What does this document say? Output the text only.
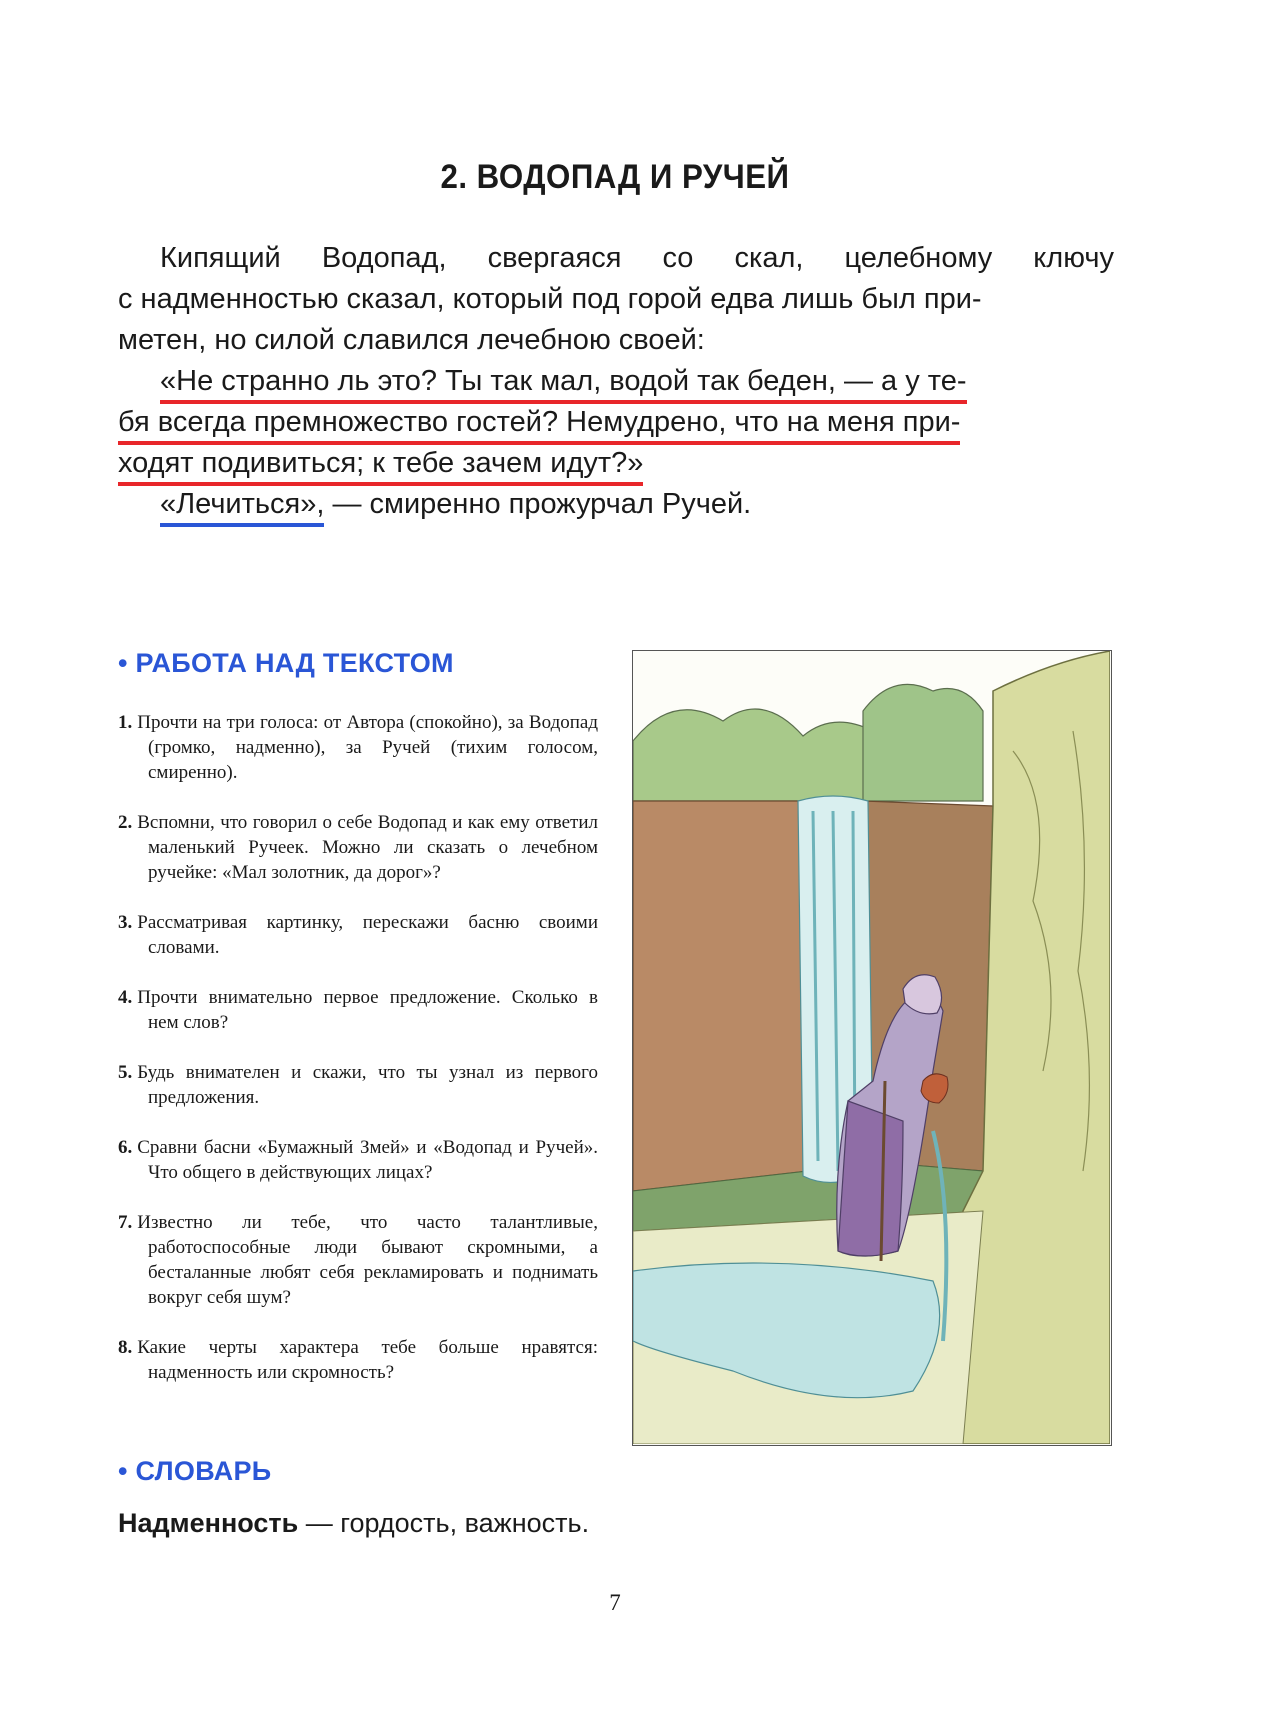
2. ВОДОПАД И РУЧЕЙ
Кипящий Водопад, свергаяся со скал, целебному ключу
с надменностью сказал, который под горой едва лишь был при-
метен, но силой славился лечебною своей:
«Не странно ль это? Ты так мал, водой так беден, — а у те-
бя всегда премножество гостей? Немудрено, что на меня при-
ходят подивиться; к тебе зачем идут?»
«Лечиться», — смиренно прожурчал Ручей.
• РАБОТА НАД ТЕКСТОМ
1. Прочти на три голоса: от Автора (спокойно), за Водопад (громко, надменно), за Ручей (тихим голосом, смиренно).
2. Вспомни, что говорил о себе Водопад и как ему ответил маленький Ручеек. Можно ли сказать о лечебном ручейке: «Мал золотник, да дорог»?
3. Рассматривая картинку, перескажи басню своими словами.
4. Прочти внимательно первое предложение. Сколько в нем слов?
5. Будь внимателен и скажи, что ты узнал из первого предложения.
6. Сравни басни «Бумажный Змей» и «Водопад и Ручей». Что общего в действующих лицах?
7. Известно ли тебе, что часто талантливые, работоспособные люди бывают скромными, а бесталанные любят себя рекламировать и поднимать вокруг себя шум?
8. Какие черты характера тебе больше нравятся: надменность или скромность?
• СЛОВАРЬ
Надменность — гордость, важность.
7
